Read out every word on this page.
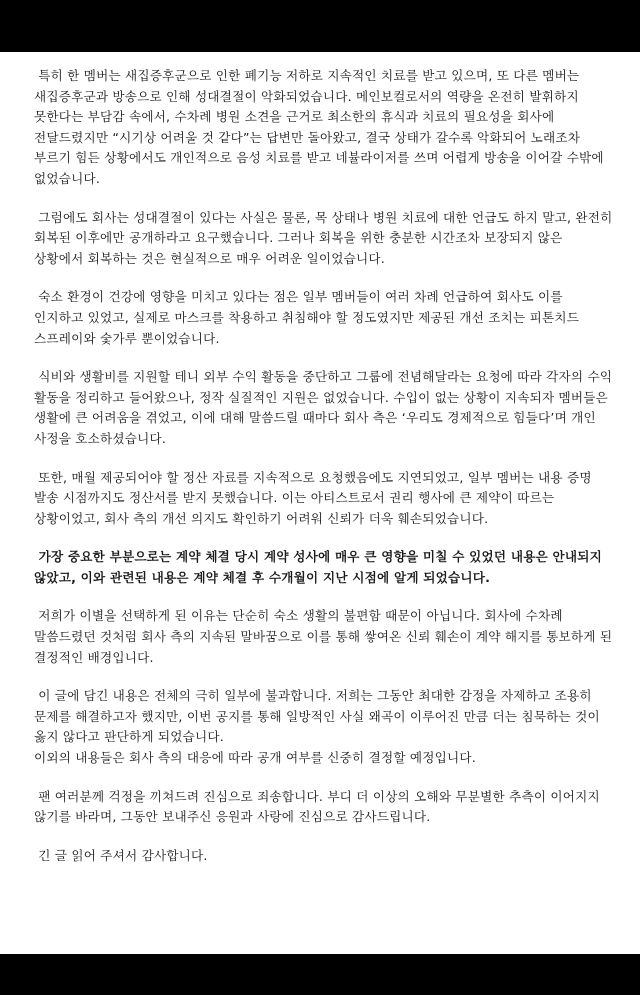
특히 한 멤버는 새집증후군으로 인한 폐기능 저하로 지속적인 치료를 받고 있으며, 또 다른 멤버는 새집증후군과 방송으로 인해 성대결절이 악화되었습니다. 메인보컬로서의 역량을 온전히 발휘하지 못한다는 부담감 속에서, 수차례 병원 소견을 근거로 최소한의 휴식과 치료의 필요성을 회사에 전달드렸지만 “시기상 어려울 것 같다”는 답변만 돌아왔고, 결국 상태가 갈수록 악화되어 노래조차 부르기 힘든 상황에서도 개인적으로 음성 치료를 받고 네뷸라이저를 쓰며 어렵게 방송을 이어갈 수밖에 없었습니다.

그럼에도 회사는 성대결절이 있다는 사실은 물론, 목 상태나 병원 치료에 대한 언급도 하지 말고, 완전히 회복된 이후에만 공개하라고 요구했습니다. 그러나 회복을 위한 충분한 시간조차 보장되지 않은 상황에서 회복하는 것은 현실적으로 매우 어려운 일이었습니다.

숙소 환경이 건강에 영향을 미치고 있다는 점은 일부 멤버들이 여러 차례 언급하여 회사도 이를 인지하고 있었고, 실제로 마스크를 착용하고 취침해야 할 정도였지만 제공된 개선 조치는 피톤치드 스프레이와 숯가루 뿐이었습니다.

식비와 생활비를 지원할 테니 외부 수익 활동을 중단하고 그룹에 전념해달라는 요청에 따라 각자의 수익 활동을 정리하고 들어왔으나, 정작 실질적인 지원은 없었습니다. 수입이 없는 상황이 지속되자 멤버들은 생활에 큰 어려움을 겪었고, 이에 대해 말씀드릴 때마다 회사 측은 ‘우리도 경제적으로 힘들다’며 개인 사정을 호소하셨습니다.

또한, 매월 제공되어야 할 정산 자료를 지속적으로 요청했음에도 지연되었고, 일부 멤버는 내용 증명 발송 시점까지도 정산서를 받지 못했습니다. 이는 아티스트로서 권리 행사에 큰 제약이 따르는 상황이었고, 회사 측의 개선 의지도 확인하기 어려워 신뢰가 더욱 훼손되었습니다.

가장 중요한 부분으로는 계약 체결 당시 계약 성사에 매우 큰 영향을 미칠 수 있었던 내용은 안내되지 않았고, 이와 관련된 내용은 계약 체결 후 수개월이 지난 시점에 알게 되었습니다.

저희가 이별을 선택하게 된 이유는 단순히 숙소 생활의 불편함 때문이 아닙니다. 회사에 수차례 말씀드렸던 것처럼 회사 측의 지속된 말바꿈으로 이를 통해 쌓여온 신뢰 훼손이 계약 해지를 통보하게 된 결정적인 배경입니다.

이 글에 담긴 내용은 전체의 극히 일부에 불과합니다. 저희는 그동안 최대한 감정을 자제하고 조용히 문제를 해결하고자 했지만, 이번 공지를 통해 일방적인 사실 왜곡이 이루어진 만큼 더는 침묵하는 것이 옳지 않다고 판단하게 되었습니다.

이외의 내용들은 회사 측의 대응에 따라 공개 여부를 신중히 결정할 예정입니다.

팬 여러분께 걱정을 끼쳐드려 진심으로 죄송합니다. 부디 더 이상의 오해와 무분별한 추측이 이어지지 않기를 바라며, 그동안 보내주신 응원과 사랑에 진심으로 감사드립니다.

긴 글 읽어 주셔서 감사합니다.
